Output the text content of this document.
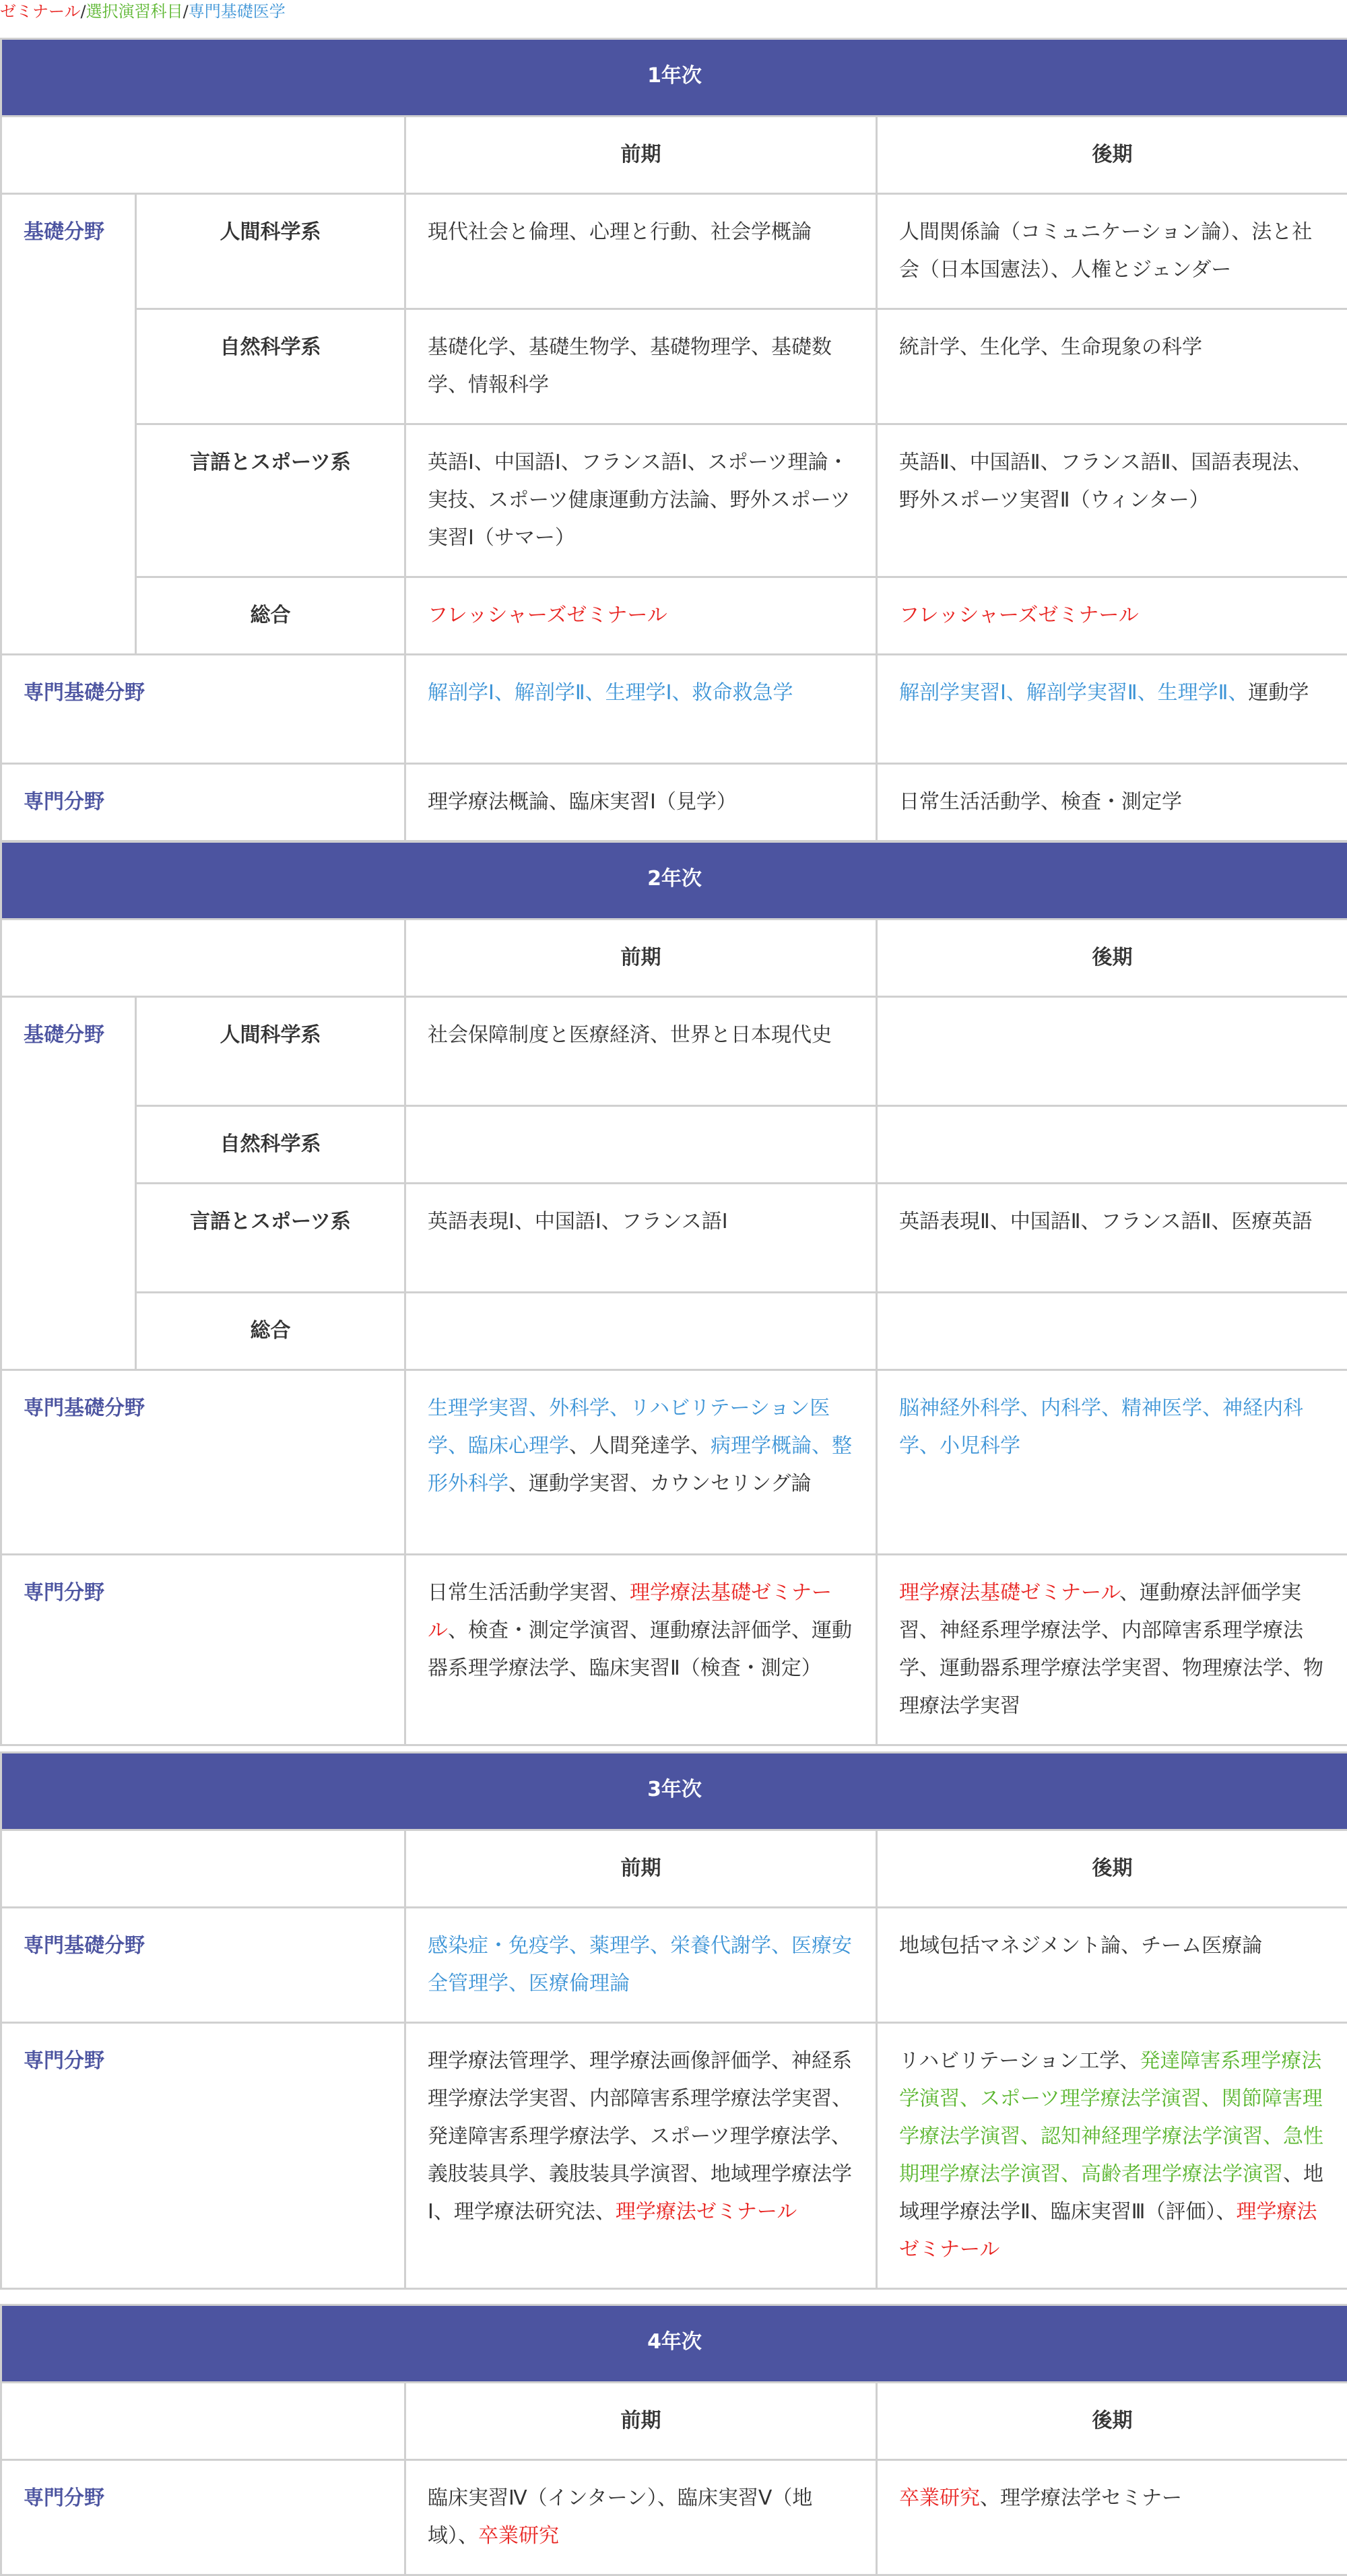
ゼミナール/選択演習科目/専門基礎医学
1年次			
		前期	後期
基礎分野	人間科学系	現代社会と倫理、心理と行動、社会学概論	人間関係論（コミュニケーション論）、法と社会（日本国憲法）、人権とジェンダー
	自然科学系	基礎化学、基礎生物学、基礎物理学、基礎数学、情報科学	統計学、生化学、生命現象の科学
	言語とスポーツ系	英語Ⅰ、中国語Ⅰ、フランス語Ⅰ、スポーツ理論・実技、スポーツ健康運動方法論、野外スポーツ実習Ⅰ（サマー）	英語Ⅱ、中国語Ⅱ、フランス語Ⅱ、国語表現法、野外スポーツ実習Ⅱ（ウィンター）
	総合	フレッシャーズゼミナール	フレッシャーズゼミナール
専門基礎分野		解剖学Ⅰ、解剖学Ⅱ、生理学Ⅰ、救命救急学	解剖学実習Ⅰ、解剖学実習Ⅱ、生理学Ⅱ、運動学
専門分野		理学療法概論、臨床実習Ⅰ（見学）	日常生活活動学、検査・測定学
2年次			
		前期	後期
基礎分野	人間科学系	社会保障制度と医療経済、世界と日本現代史	
	自然科学系		
	言語とスポーツ系	英語表現Ⅰ、中国語Ⅰ、フランス語Ⅰ	英語表現Ⅱ、中国語Ⅱ、フランス語Ⅱ、医療英語
	総合		
専門基礎分野		生理学実習、外科学、リハビリテーション医学、臨床心理学、人間発達学、病理学概論、整形外科学、運動学実習、カウンセリング論	脳神経外科学、内科学、精神医学、神経内科学、小児科学
専門分野		日常生活活動学実習、理学療法基礎ゼミナール、検査・測定学演習、運動療法評価学、運動器系理学療法学、臨床実習Ⅱ（検査・測定）	理学療法基礎ゼミナール、運動療法評価学実習、神経系理学療法学、内部障害系理学療法学、運動器系理学療法学実習、物理療法学、物理療法学実習
3年次		
	前期	後期
専門基礎分野	感染症・免疫学、薬理学、栄養代謝学、医療安全管理学、医療倫理論	地域包括マネジメント論、チーム医療論
専門分野	理学療法管理学、理学療法画像評価学、神経系理学療法学実習、内部障害系理学療法学実習、発達障害系理学療法学、スポーツ理学療法学、義肢装具学、義肢装具学演習、地域理学療法学Ⅰ、理学療法研究法、理学療法ゼミナール	リハビリテーション工学、発達障害系理学療法学演習、スポーツ理学療法学演習、関節障害理学療法学演習、認知神経理学療法学演習、急性期理学療法学演習、高齢者理学療法学演習、地域理学療法学Ⅱ、臨床実習Ⅲ（評価）、理学療法ゼミナール
4年次		
	前期	後期
専門分野	臨床実習Ⅳ（インターン）、臨床実習Ⅴ（地域）、卒業研究	卒業研究、理学療法学セミナー
